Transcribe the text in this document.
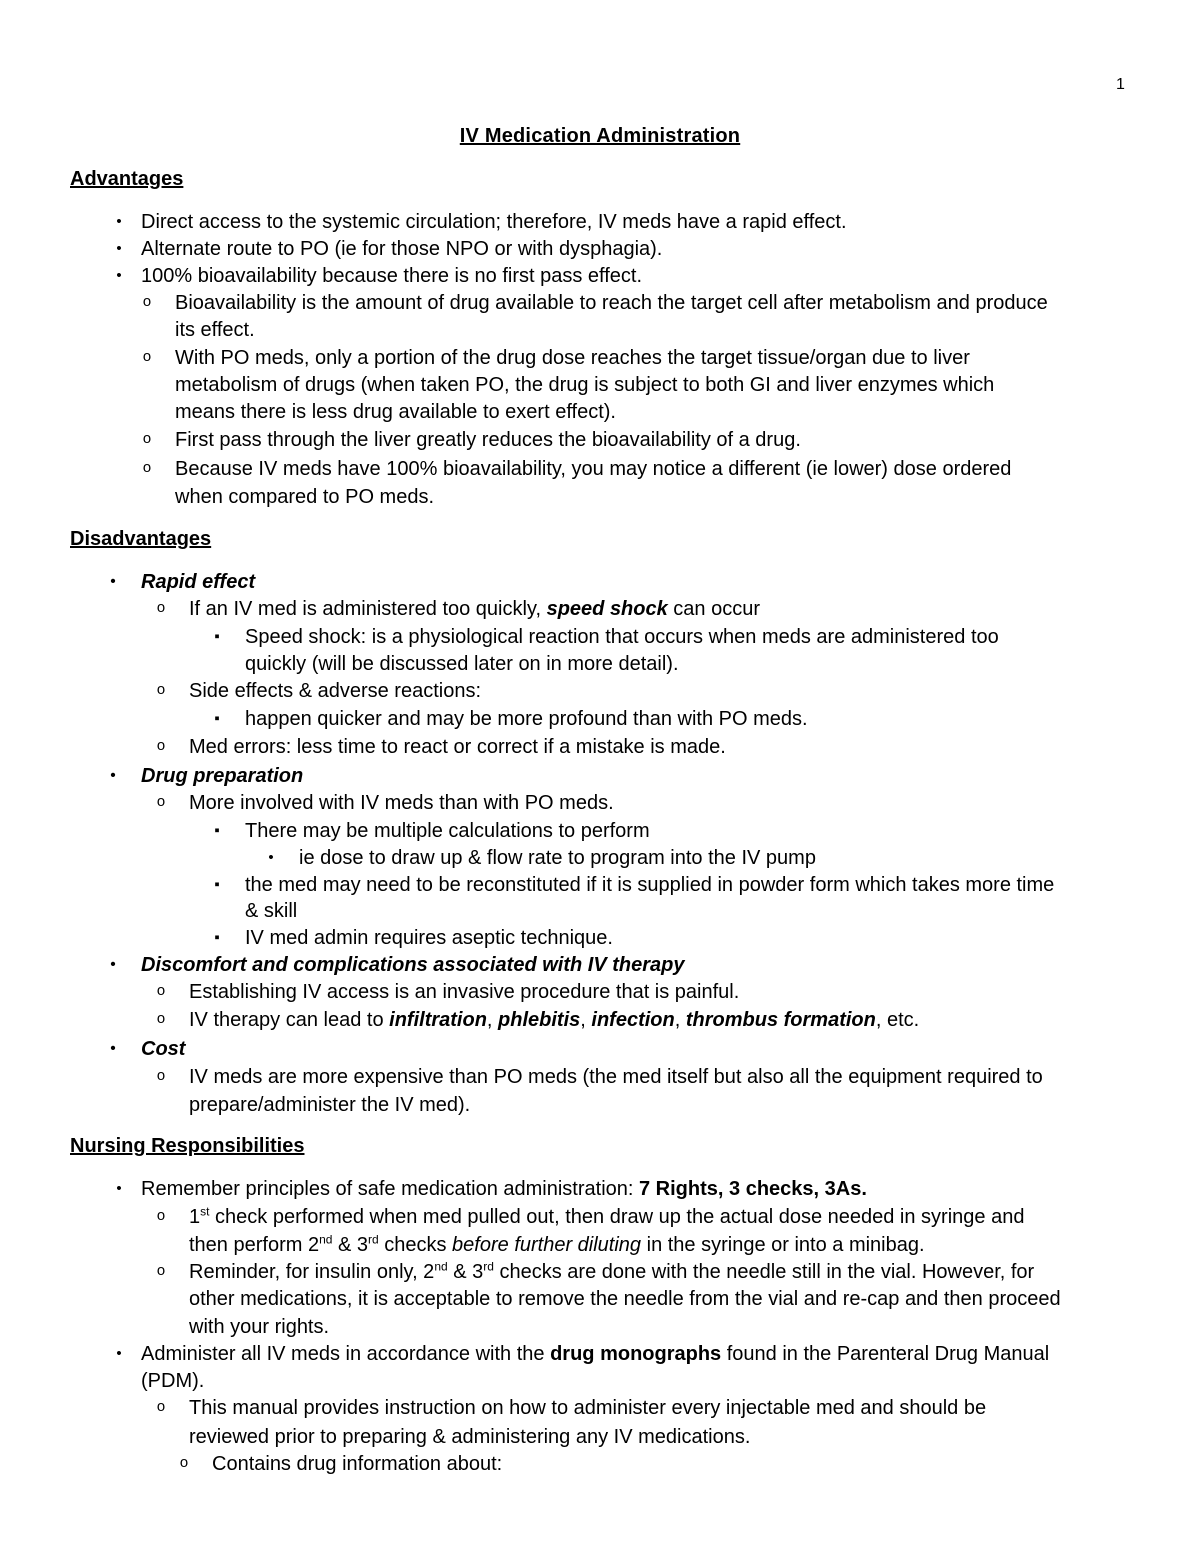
1
IV Medication Administration
Advantages
• Direct access to the systemic circulation; therefore, IV meds have a rapid effect.
• Alternate route to PO (ie for those NPO or with dysphagia).
• 100% bioavailability because there is no first pass effect.
o Bioavailability is the amount of drug available to reach the target cell after metabolism and produce
its effect.
o With PO meds, only a portion of the drug dose reaches the target tissue/organ due to liver
metabolism of drugs (when taken PO, the drug is subject to both GI and liver enzymes which
means there is less drug available to exert effect).
o First pass through the liver greatly reduces the bioavailability of a drug.
o Because IV meds have 100% bioavailability, you may notice a different (ie lower) dose ordered
when compared to PO meds.
Disadvantages
•	Rapid effect
o If an IV med is administered too quickly, speed shock can occur
▪	Speed shock: is a physiological reaction that occurs when meds are administered too
quickly (will be discussed later on in more detail).
o Side effects & adverse reactions:
▪	happen quicker and may be more profound than with PO meds.
o Med errors: less time to react or correct if a mistake is made.
•	Drug preparation
o More involved with IV meds than with PO meds.
▪	There may be multiple calculations to perform
•	ie dose to draw up & flow rate to program into the IV pump
▪	the med may need to be reconstituted if it is supplied in powder form which takes more time
& skill
▪	IV med admin requires aseptic technique.
•	Discomfort and complications associated with IV therapy
o Establishing IV access is an invasive procedure that is painful.
o IV therapy can lead to infiltration, phlebitis, infection, thrombus formation, etc.
•	Cost
o IV meds are more expensive than PO meds (the med itself but also all the equipment required to
prepare/administer the IV med).
Nursing Responsibilities
• Remember principles of safe medication administration: 7 Rights, 3 checks, 3As.
o 1st check performed when med pulled out, then draw up the actual dose needed in syringe and
then perform 2nd & 3rd checks before further diluting in the syringe or into a minibag.
o Reminder, for insulin only, 2nd & 3rd checks are done with the needle still in the vial. However, for
other medications, it is acceptable to remove the needle from the vial and re-cap and then proceed
with your rights.
• Administer all IV meds in accordance with the drug monographs found in the Parenteral Drug Manual
(PDM).
o This manual provides instruction on how to administer every injectable med and should be
reviewed prior to preparing & administering any IV medications.
o Contains drug information about:
